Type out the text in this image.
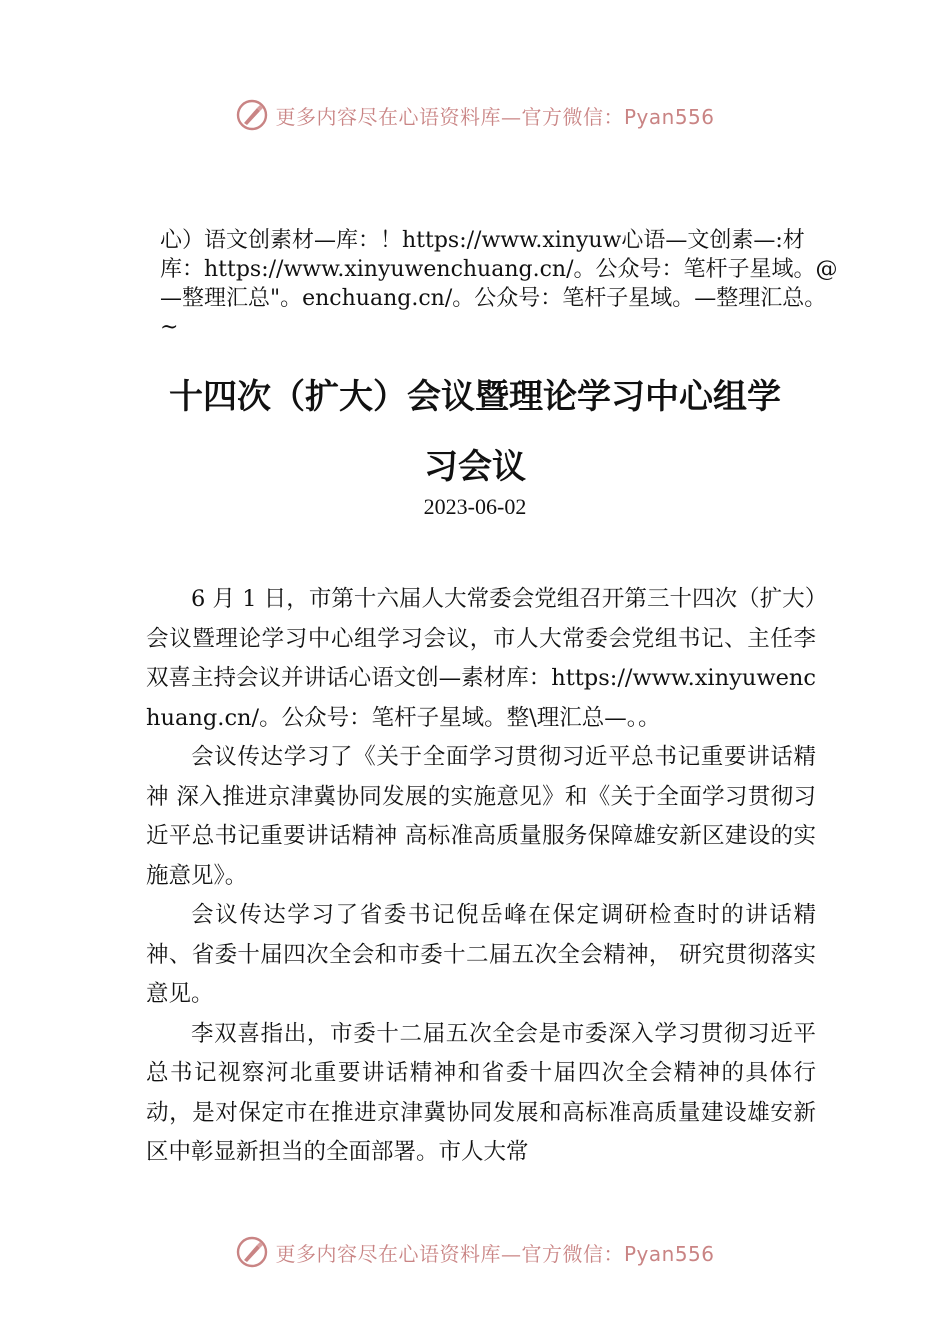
更多内容尽在心语资料库—官方微信：Pyan556
心）语文创素材—库：！https://www.xinyuw心语—文创素—:材库：https://www.xinyuwenchuang.cn/。公众号：笔杆子星域。@—整理汇总"。enchuang.cn/。公众号：笔杆子星域。—整理汇总。~
十四次（扩大）会议暨理论学习中心组学
习会议
2023-06-02

6 月 1 日，市第十六届人大常委会党组召开第三十四次（扩大）会议暨理论学习中心组学习会议，市人大常委会党组书记、主任李双喜主持会议并讲话心语文创—素材库：https://www.xinyuwenchuang.cn/。公众号：笔杆子星域。整\理汇总—。。

会议传达学习了《关于全面学习贯彻习近平总书记重要讲话精神 深入推进京津冀协同发展的实施意见》和《关于全面学习贯彻习近平总书记重要讲话精神 高标准高质量服务保障雄安新区建设的实施意见》。

会议传达学习了省委书记倪岳峰在保定调研检查时的讲话精神、省委十届四次全会和市委十二届五次全会精神， 研究贯彻落实意见。

李双喜指出，市委十二届五次全会是市委深入学习贯彻习近平总书记视察河北重要讲话精神和省委十届四次全会精神的具体行动，是对保定市在推进京津冀协同发展和高标准高质量建设雄安新区中彰显新担当的全面部署。市人大常

更多内容尽在心语资料库—官方微信：Pyan556
